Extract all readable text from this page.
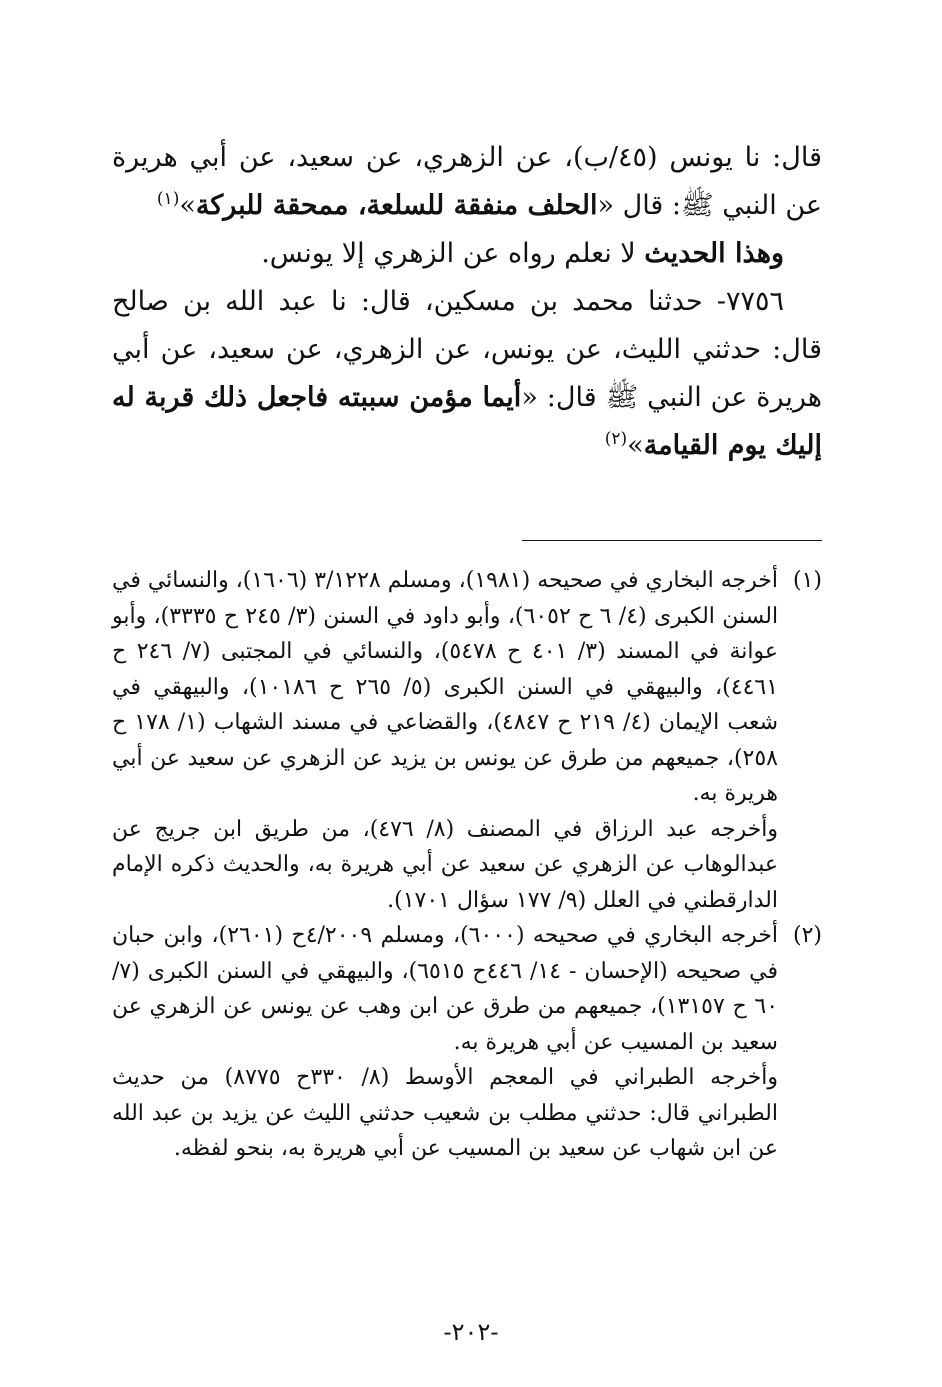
قال: نا يونس (٤٥/ب)، عن الزهري، عن سعيد، عن أبي هريرة عن النبي ﷺ: قال «الحلف منفقة للسلعة، ممحقة للبركة»$^{(١)}$

وهذا الحديث لا نعلم رواه عن الزهري إلا يونس.

٧٧٥٦- حدثنا محمد بن مسكين، قال: نا عبد الله بن صالح قال: حدثني الليث، عن يونس، عن الزهري، عن سعيد، عن أبي هريرة عن النبي ﷺ قال: «أيما مؤمن سببته فاجعل ذلك قربة له إليك يوم القيامة»$^{(٢)}$

(١)

أخرجه البخاري في صحيحه (١٩٨١)، ومسلم ٣/١٢٢٨ (١٦٠٦)، والنسائي في السنن الكبرى (٤/ ٦ ح ٦٠٥٢)، وأبو داود في السنن (٣/ ٢٤٥ ح ٣٣٣٥)، وأبو عوانة في المسند (٣/ ٤٠١ ح ٥٤٧٨)، والنسائي في المجتبى (٧/ ٢٤٦ ح ٤٤٦١)، والبيهقي في السنن الكبرى (٥/ ٢٦٥ ح ١٠١٨٦)، والبيهقي في شعب الإيمان (٤/ ٢١٩ ح ٤٨٤٧)، والقضاعي في مسند الشهاب (١/ ١٧٨ ح ٢٥٨)، جميعهم من طرق عن يونس بن يزيد عن الزهري عن سعيد عن أبي هريرة به.

وأخرجه عبد الرزاق في المصنف (٨/ ٤٧٦)، من طريق ابن جريج عن عبدالوهاب عن الزهري عن سعيد عن أبي هريرة به، والحديث ذكره الإمام الدارقطني في العلل (٩/ ١٧٧ سؤال ١٧٠١).

(٢)

أخرجه البخاري في صحيحه (٦٠٠٠)، ومسلم ٤/٢٠٠٩ح (٢٦٠١)، وابن حبان في صحيحه (الإحسان - ١٤/ ٤٤٦ح ٦٥١٥)، والبيهقي في السنن الكبرى (٧/ ٦٠ ح ١٣١٥٧)، جميعهم من طرق عن ابن وهب عن يونس عن الزهري عن سعيد بن المسيب عن أبي هريرة به.

وأخرجه الطبراني في المعجم الأوسط (٨/ ٣٣٠ح ٨٧٧٥) من حديث الطبراني قال: حدثني مطلب بن شعيب حدثني الليث عن يزيد بن عبد الله عن ابن شهاب عن سعيد بن المسيب عن أبي هريرة به، بنحو لفظه.

-٢٠٢-
